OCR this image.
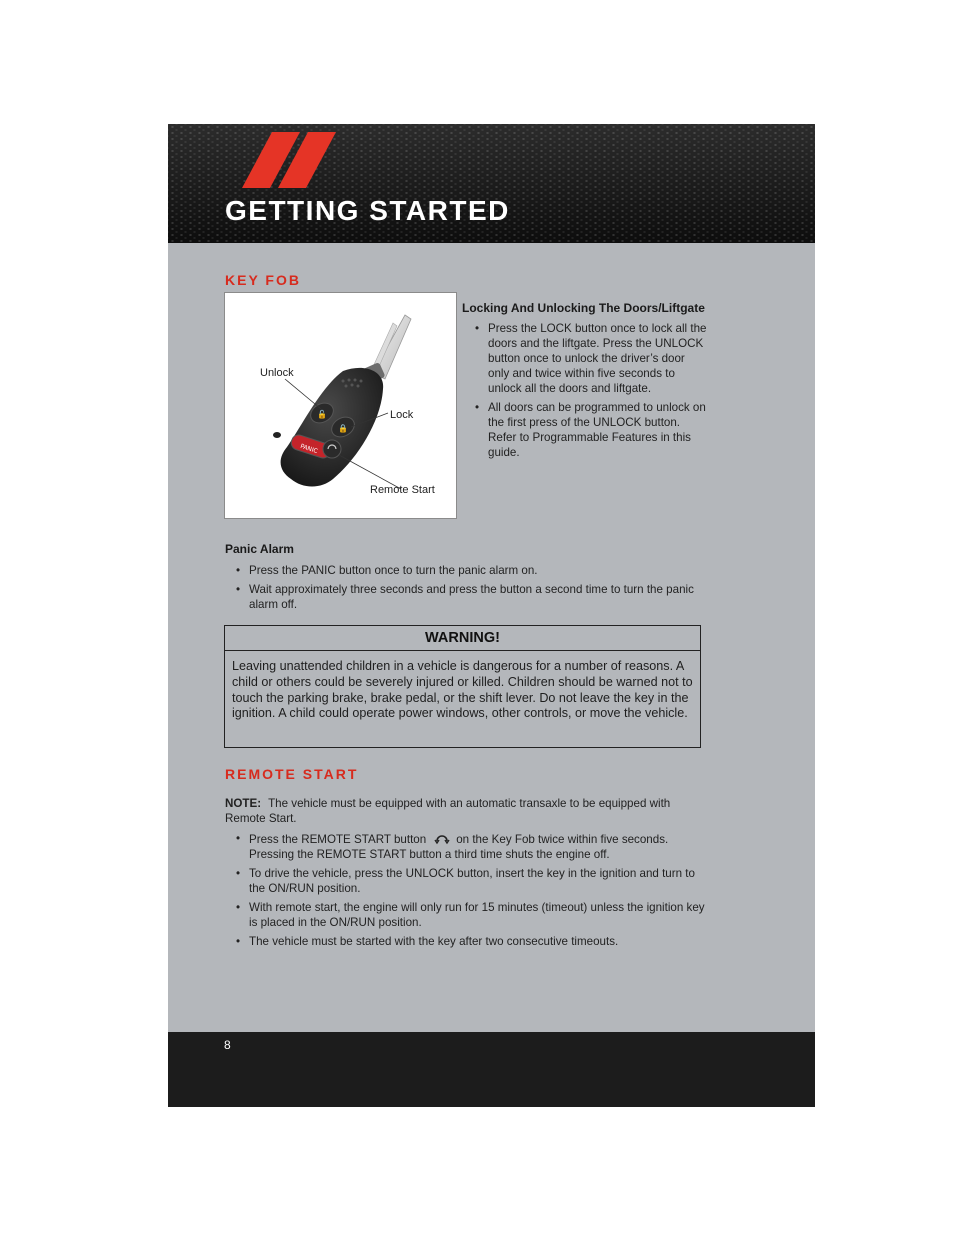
GETTING STARTED
KEY FOB
🔓
🔒
PANIC
Unlock
Lock
Remote Start
Locking And Unlocking The Doors/Liftgate
• Press the LOCK button once to lock all the doors and the liftgate. Press the UNLOCK button once to unlock the driver’s door only and twice within five seconds to unlock all the doors and liftgate.
• All doors can be programmed to unlock on the first press of the UNLOCK button. Refer to Programmable Features in this guide.
Panic Alarm
• Press the PANIC button once to turn the panic alarm on.
• Wait approximately three seconds and press the button a second time to turn the panic alarm off.
WARNING!

Leaving unattended children in a vehicle is dangerous for a number of reasons. A child or others could be severely injured or killed. Children should be warned not to touch the parking brake, brake pedal, or the shift lever. Do not leave the key in the ignition. A child could operate power windows, other controls, or move the vehicle.

REMOTE START

NOTE: The vehicle must be equipped with an automatic transaxle to be equipped with Remote Start.

• Press the REMOTE START button	on the Key Fob twice within five seconds. Pressing the REMOTE START button a third time shuts the engine off.
• To drive the vehicle, press the UNLOCK button, insert the key in the ignition and turn to the ON/RUN position.
• With remote start, the engine will only run for 15 minutes (timeout) unless the ignition key is placed in the ON/RUN position.
• The vehicle must be started with the key after two consecutive timeouts.
8
